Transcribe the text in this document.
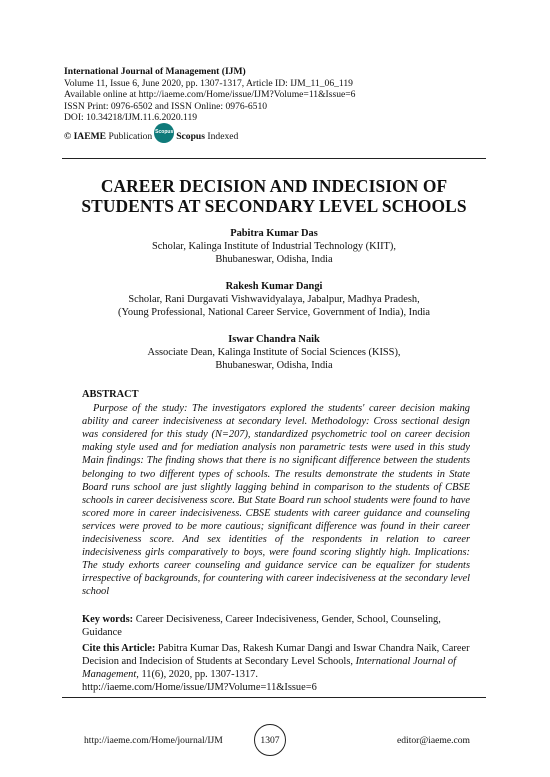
International Journal of Management (IJM)
Volume 11, Issue 6, June 2020, pp. 1307-1317, Article ID: IJM_11_06_119
Available online at http://iaeme.com/Home/issue/IJM?Volume=11&Issue=6
ISSN Print: 0976-6502 and ISSN Online: 0976-6510
DOI: 10.34218/IJM.11.6.2020.119
© IAEME
Publication Scopus Scopus Indexed
CAREER DECISION AND INDECISION OF
STUDENTS AT SECONDARY LEVEL SCHOOLS
Pabitra Kumar Das
Scholar, Kalinga Institute of Industrial Technology (KIIT),
Bhubaneswar, Odisha, India
Rakesh Kumar Dangi
Scholar, Rani Durgavati Vishwavidyalaya, Jabalpur, Madhya Pradesh,
(Young Professional, National Career Service, Government of India), India
Iswar Chandra Naik
Associate Dean, Kalinga Institute of Social Sciences (KISS),
Bhubaneswar, Odisha, India
ABSTRACT
Purpose of the study: The investigators explored the students' career decision making ability and career indecisiveness at secondary level. Methodology: Cross sectional design was considered for this study (N=207), standardized psychometric tool on career decision making style used and for mediation analysis non parametric tests were used in this study Main findings: The finding shows that there is no significant difference between the students belonging to two different types of schools. The results demonstrate the students in State Board runs school are just slightly lagging behind in comparison to the students of CBSE schools in career decisiveness score. But State Board run school students were found to have scored more in career indecisiveness. CBSE students with career guidance and counseling services were proved to be more cautious; significant difference was found in their career indecisiveness score. And sex identities of the respondents in relation to career indecisiveness girls comparatively to boys, were found scoring slightly high. Implications: The study exhorts career counseling and guidance service can be equalizer for students irrespective of backgrounds, for countering with career indecisiveness at the secondary level school
Key words: Career Decisiveness, Career Indecisiveness, Gender, School, Counseling, Guidance
Cite this Article: Pabitra Kumar Das, Rakesh Kumar Dangi and Iswar Chandra Naik, Career Decision and Indecision of Students at Secondary Level Schools, International Journal of Management, 11(6), 2020, pp. 1307-1317.
http://iaeme.com/Home/issue/IJM?Volume=11&Issue=6
http://iaeme.com/Home/journal/IJM	1307	editor@iaeme.com
